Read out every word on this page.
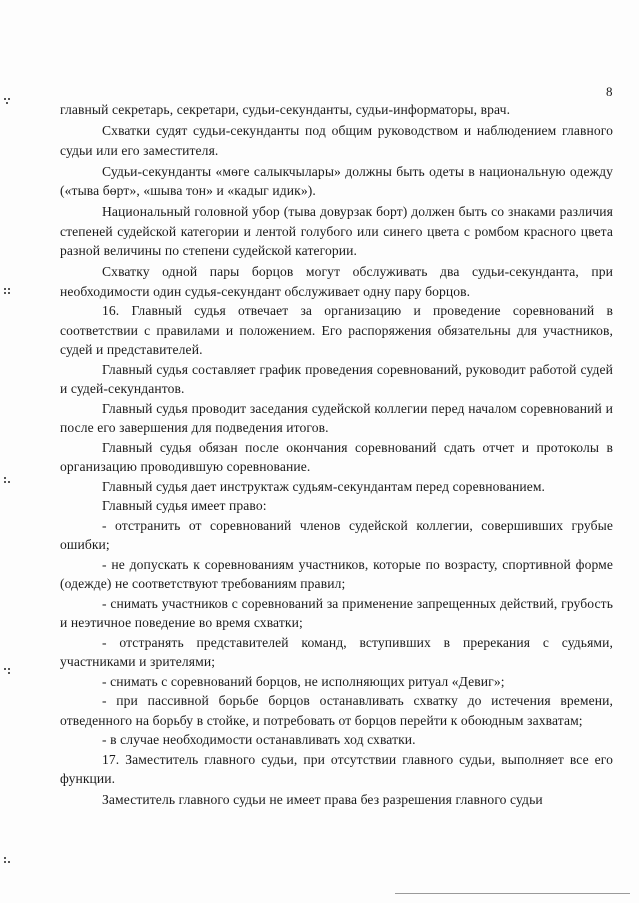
8

главный секретарь, секретари, судьи-секунданты, судьи-информаторы, врач.

Схватки судят судьи-секунданты под общим руководством и наблюдением главного судьи или его заместителя.

Судьи-секунданты «мөге салыкчылары» должны быть одеты в национальную одежду («тыва бөрт», «шыва тон» и «кадыг идик»).

Национальный головной убор (тыва довурзак борт) должен быть со знаками различия степеней судейской категории и лентой голубого или синего цвета с ромбом красного цвета разной величины по степени судейской категории.

Схватку одной пары борцов могут обслуживать два судьи-секунданта, при необходимости один судья-секундант обслуживает одну пару борцов.

16. Главный судья отвечает за организацию и проведение соревнований в соответствии с правилами и положением. Его распоряжения обязательны для участников, судей и представителей.

Главный судья составляет график проведения соревнований, руководит работой судей и судей-секундантов.

Главный судья проводит заседания судейской коллегии перед началом соревнований и после его завершения для подведения итогов.

Главный судья обязан после окончания соревнований сдать отчет и протоколы в организацию проводившую соревнование.

Главный судья дает инструктаж судьям-секундантам перед соревнованием.

Главный судья имеет право:

- отстранить от соревнований членов судейской коллегии, совершивших грубые ошибки;

- не допускать к соревнованиям участников, которые по возрасту, спортивной форме (одежде) не соответствуют требованиям правил;

- снимать участников с соревнований за применение запрещенных действий, грубость и неэтичное поведение во время схватки;

- отстранять представителей команд, вступивших в пререкания с судьями, участниками и зрителями;

- снимать с соревнований борцов, не исполняющих ритуал «Девиг»;

- при пассивной борьбе борцов останавливать схватку до истечения времени, отведенного на борьбу в стойке, и потребовать от борцов перейти к обоюдным захватам;

- в случае необходимости останавливать ход схватки.

17. Заместитель главного судьи, при отсутствии главного судьи, выполняет все его функции.

Заместитель главного судьи не имеет права без разрешения главного судьи
